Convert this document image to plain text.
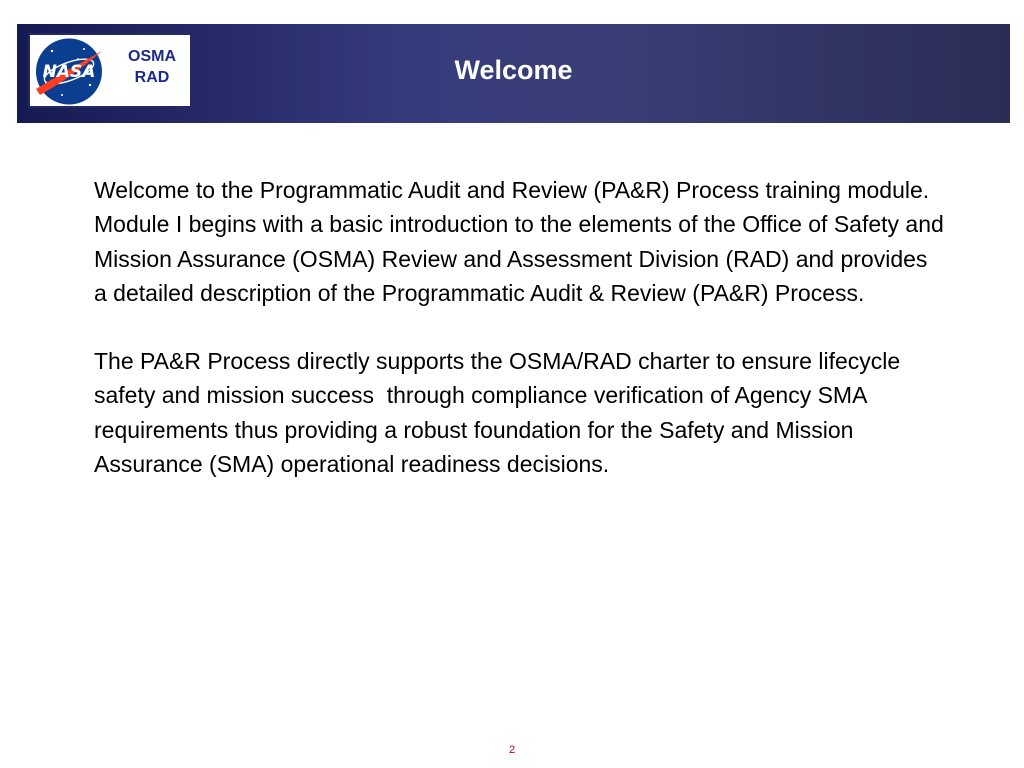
NASA
OSMA
RAD	Welcome

Welcome to the Programmatic Audit and Review (PA&R) Process training module.  Module I begins with a basic introduction to the elements of the Office of Safety and Mission Assurance (OSMA) Review and Assessment Division (RAD) and provides a detailed description of the Programmatic Audit & Review (PA&R) Process.

The PA&R Process directly supports the OSMA/RAD charter to ensure lifecycle safety and mission success  through compliance verification of Agency SMA requirements thus providing a robust foundation for the Safety and Mission Assurance (SMA) operational readiness decisions.

2
